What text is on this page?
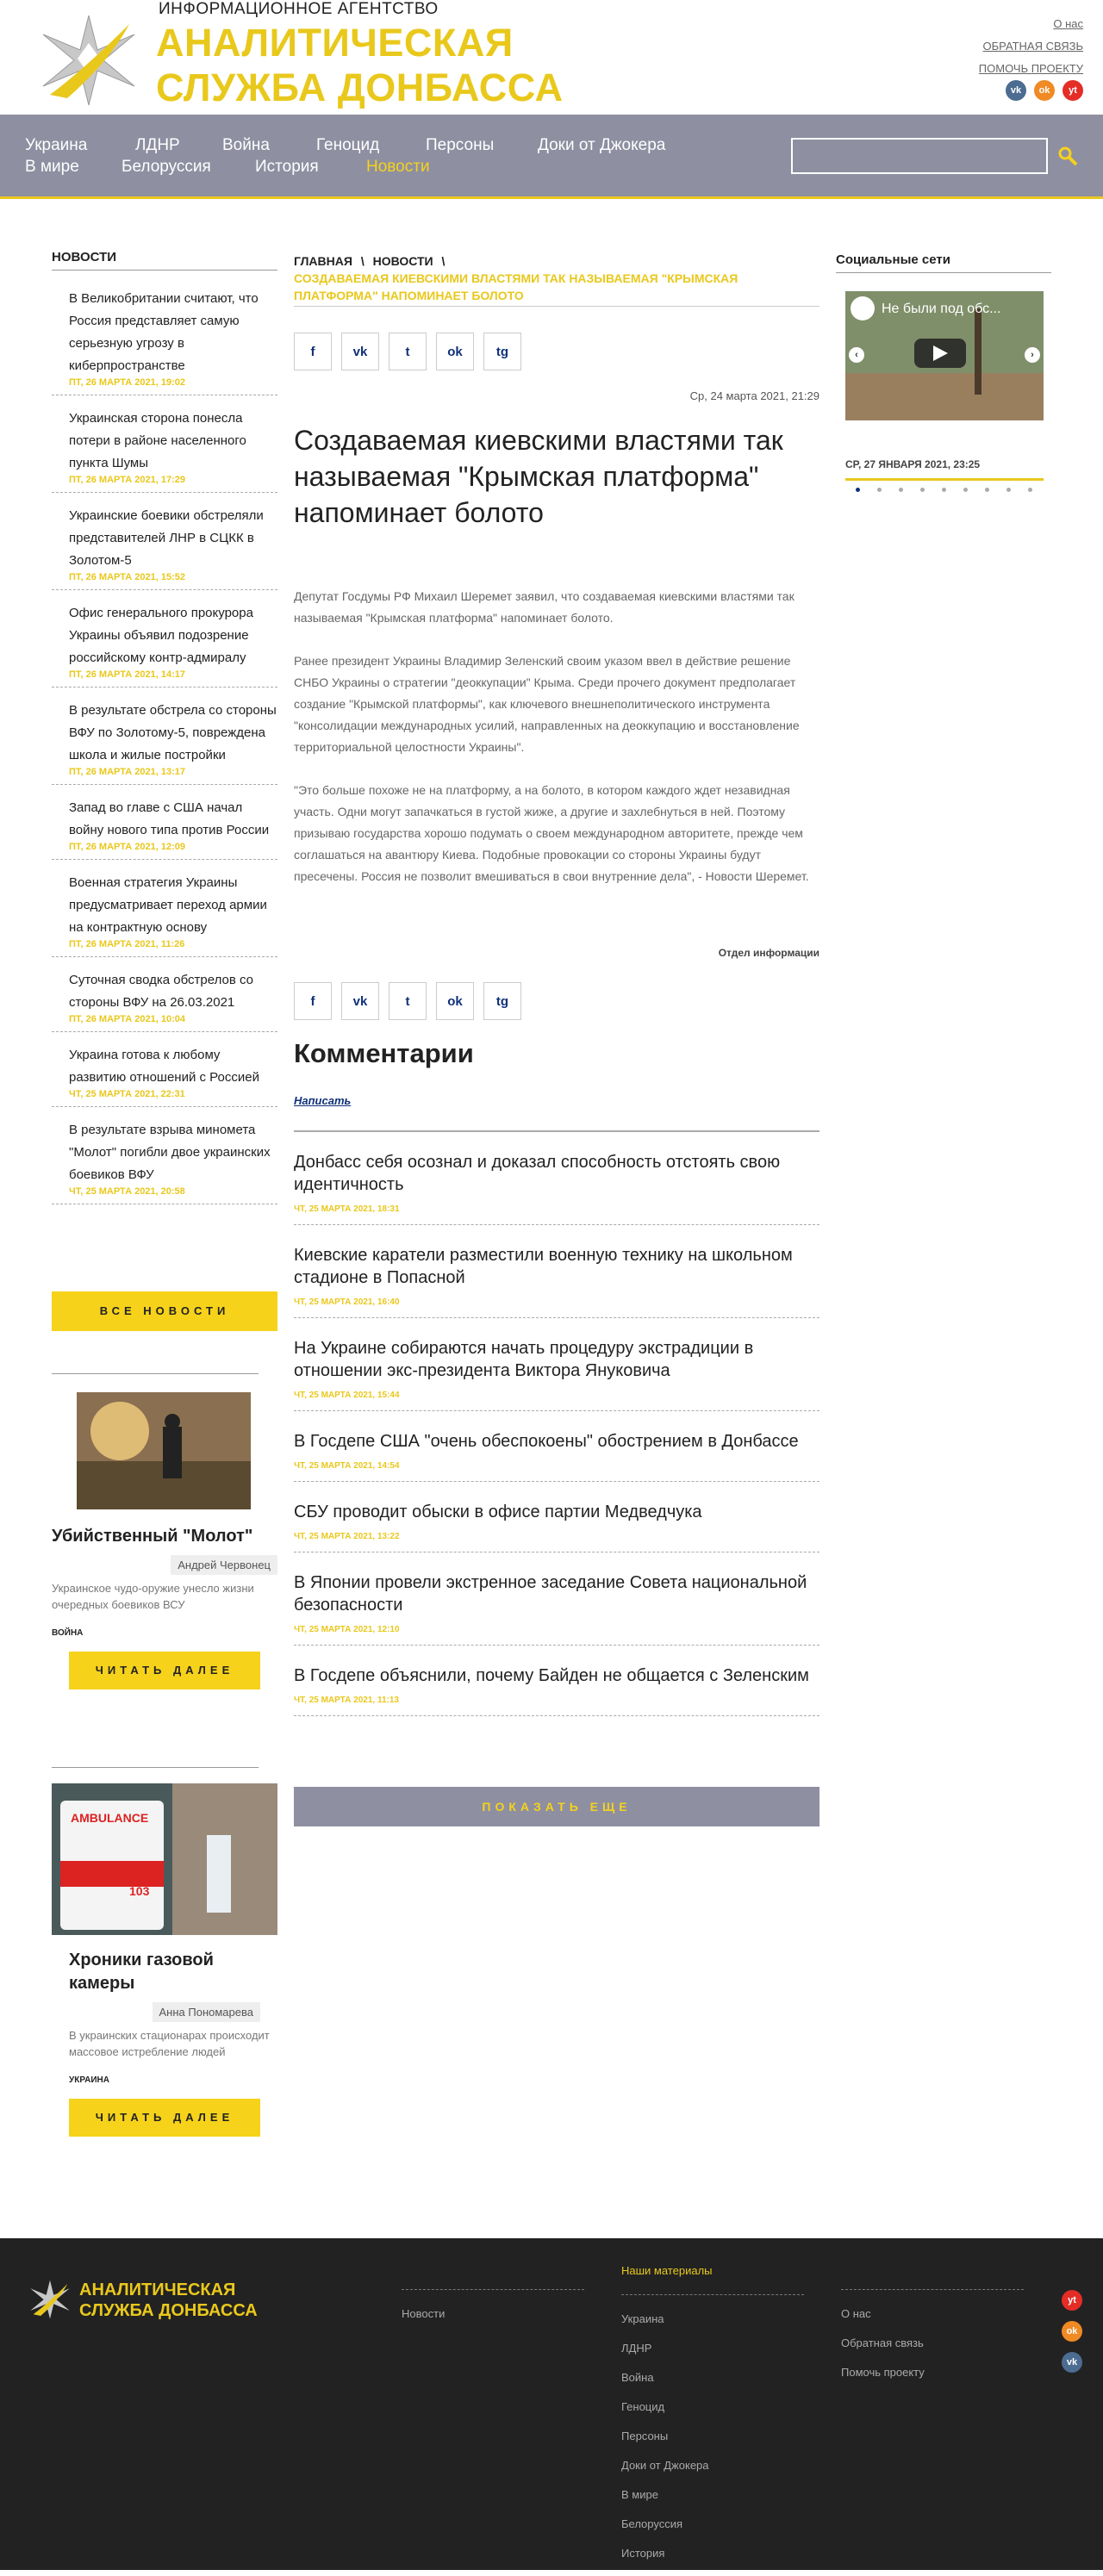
ИНФОРМАЦИОННОЕ АГЕНТСТВО
АНАЛИТИЧЕСКАЯ
СЛУЖБА ДОНБАССА
О нас
ОБРАТНАЯ СВЯЗЬ
ПОМОЧЬ ПРОЕКТУ
vk	ok	yt
Украина	ЛДНР	Война	Геноцид	Персоны	Доки от Джокера
В мире	Белоруссия	История	Новости
НОВОСТИ
В Великобритании считают, что Россия представляет самую серьезную угрозу в киберпространстве
ПТ, 26 МАРТА 2021, 19:02
Украинская сторона понесла потери в районе населенного пункта Шумы
ПТ, 26 МАРТА 2021, 17:29
Украинские боевики обстреляли представителей ЛНР в СЦКК в Золотом-5
ПТ, 26 МАРТА 2021, 15:52
Офис генерального прокурора Украины объявил подозрение российскому контр-адмиралу
ПТ, 26 МАРТА 2021, 14:17
В результате обстрела со стороны ВФУ по Золотому-5, повреждена школа и жилые постройки
ПТ, 26 МАРТА 2021, 13:17
Запад во главе с США начал войну нового типа против России
ПТ, 26 МАРТА 2021, 12:09
Военная стратегия Украины предусматривает переход армии на контрактную основу
ПТ, 26 МАРТА 2021, 11:26
Суточная сводка обстрелов со стороны ВФУ на 26.03.2021
ПТ, 26 МАРТА 2021, 10:04
Украина готова к любому развитию отношений с Россией
ЧТ, 25 МАРТА 2021, 22:31
В результате взрыва миномета "Молот" погибли двое украинских боевиков ВФУ
ЧТ, 25 МАРТА 2021, 20:58
ВСЕ НОВОСТИ
Убийственный "Молот"
Андрей Червонец
Украинское чудо-оружие унесло жизни очередных боевиков ВСУ
ВОЙНА
ЧИТАТЬ ДАЛЕЕ
AMBULANCE
103
Хроники газовой камеры
Анна Пономарева
В украинских стационарах происходит массовое истребление людей
УКРАИНА
ЧИТАТЬ ДАЛЕЕ
ГЛАВНАЯ \ НОВОСТИ \
СОЗДАВАЕМАЯ КИЕВСКИМИ ВЛАСТЯМИ ТАК НАЗЫВАЕМАЯ "КРЫМСКАЯ ПЛАТФОРМА" НАПОМИНАЕТ БОЛОТО
f	vk	t	ok	tg
Ср, 24 марта 2021, 21:29
Создаваемая киевскими властями так называемая "Крымская платформа" напоминает болото

Депутат Госдумы РФ Михаил Шеремет заявил, что создаваемая киевскими властями так называемая "Крымская платформа" напоминает болото.

Ранее президент Украины Владимир Зеленский своим указом ввел в действие решение СНБО Украины о стратегии "деоккупации" Крыма. Среди прочего документ предполагает создание "Крымской платформы", как ключевого внешнеполитического инструмента "консолидации международных усилий, направленных на деоккупацию и восстановление территориальной целостности Украины".

"Это больше похоже не на платформу, а на болото, в котором каждого ждет незавидная участь. Одни могут запачкаться в густой жиже, а другие и захлебнуться в ней. Поэтому призываю государства хорошо подумать о своем международном авторитете, прежде чем соглашаться на авантюру Киева. Подобные провокации со стороны Украины будут пресечены. Россия не позволит вмешиваться в свои внутренние дела", - Новости Шеремет.

Отдел информации
f	vk	t	ok	tg
Комментарии
Написать
Донбасс себя осознал и доказал способность отстоять свою идентичность
ЧТ, 25 МАРТА 2021, 18:31
Киевские каратели разместили военную технику на школьном стадионе в Попасной
ЧТ, 25 МАРТА 2021, 16:40
На Украине собираются начать процедуру экстрадиции в отношении экс-президента Виктора Януковича
ЧТ, 25 МАРТА 2021, 15:44
В Госдепе США "очень обеспокоены" обострением в Донбассе
ЧТ, 25 МАРТА 2021, 14:54
СБУ проводит обыски в офисе партии Медведчука
ЧТ, 25 МАРТА 2021, 13:22
В Японии провели экстренное заседание Совета национальной безопасности
ЧТ, 25 МАРТА 2021, 12:10
В Госдепе объяснили, почему Байден не общается с Зеленским
ЧТ, 25 МАРТА 2021, 11:13
ПОКАЗАТЬ ЕЩЕ
Социальные сети
Не были под обс...
‹	›
СР, 27 ЯНВАРЯ 2021, 23:25
АНАЛИТИЧЕСКАЯ
СЛУЖБА ДОНБАССА	Новости
Наши материалы
Украина
ЛДНР
Война
Геноцид
Персоны
Доки от Джокера
В мире
Белоруссия
История
О нас
Обратная связь
Помочь проекту
yt
ok
vk
